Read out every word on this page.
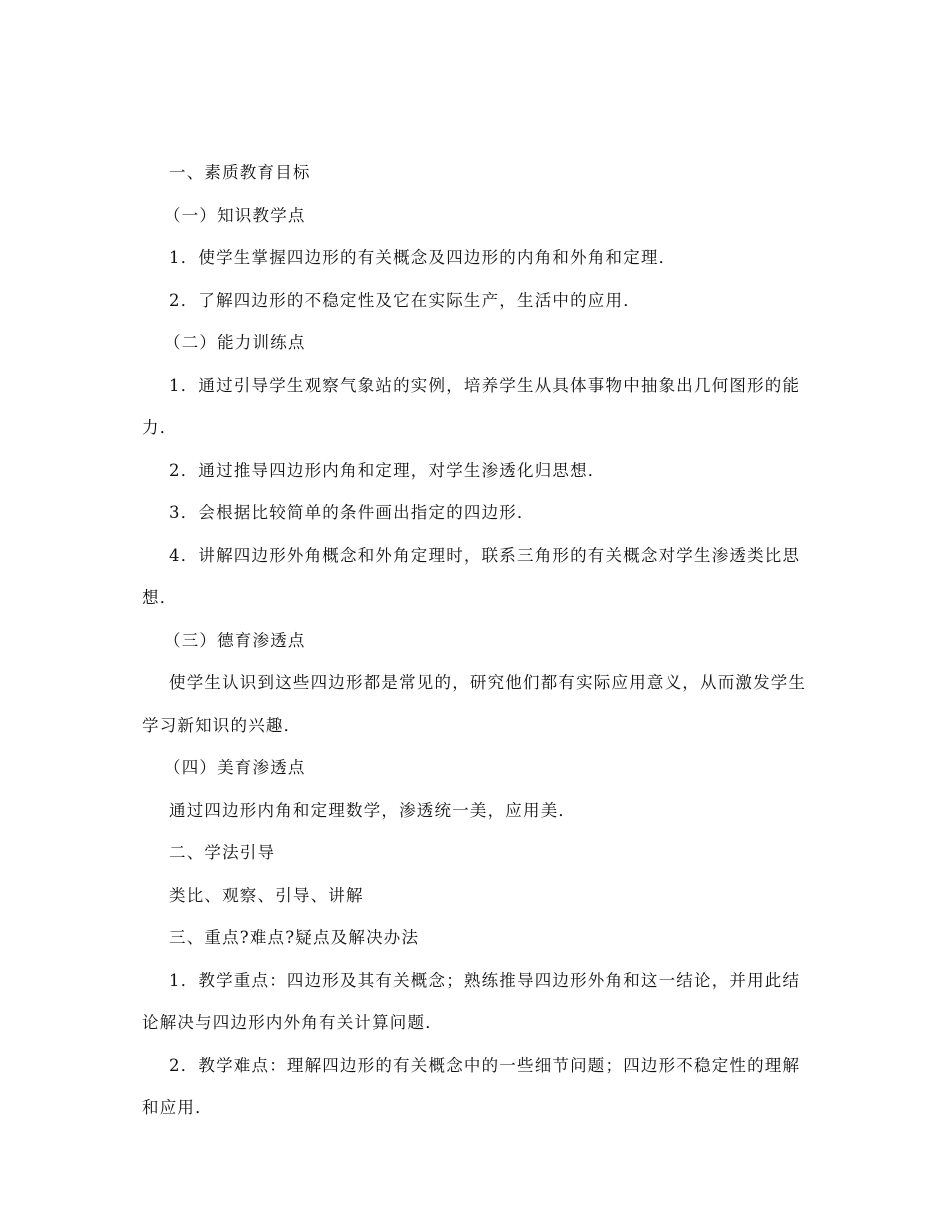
一、素质教育目标

（一）知识教学点

1．使学生掌握四边形的有关概念及四边形的内角和外角和定理．

2．了解四边形的不稳定性及它在实际生产，生活中的应用．

（二）能力训练点

1．通过引导学生观察气象站的实例，培养学生从具体事物中抽象出几何图形的能力．

2．通过推导四边形内角和定理，对学生渗透化归思想．

3．会根据比较简单的条件画出指定的四边形．

4．讲解四边形外角概念和外角定理时，联系三角形的有关概念对学生渗透类比思想．

（三）德育渗透点

使学生认识到这些四边形都是常见的，研究他们都有实际应用意义，从而激发学生学习新知识的兴趣．

（四）美育渗透点

通过四边形内角和定理数学，渗透统一美，应用美．

二、学法引导

类比、观察、引导、讲解

三、重点?难点?疑点及解决办法

1．教学重点：四边形及其有关概念；熟练推导四边形外角和这一结论，并用此结论解决与四边形内外角有关计算问题．

2．教学难点：理解四边形的有关概念中的一些细节问题；四边形不稳定性的理解和应用．
